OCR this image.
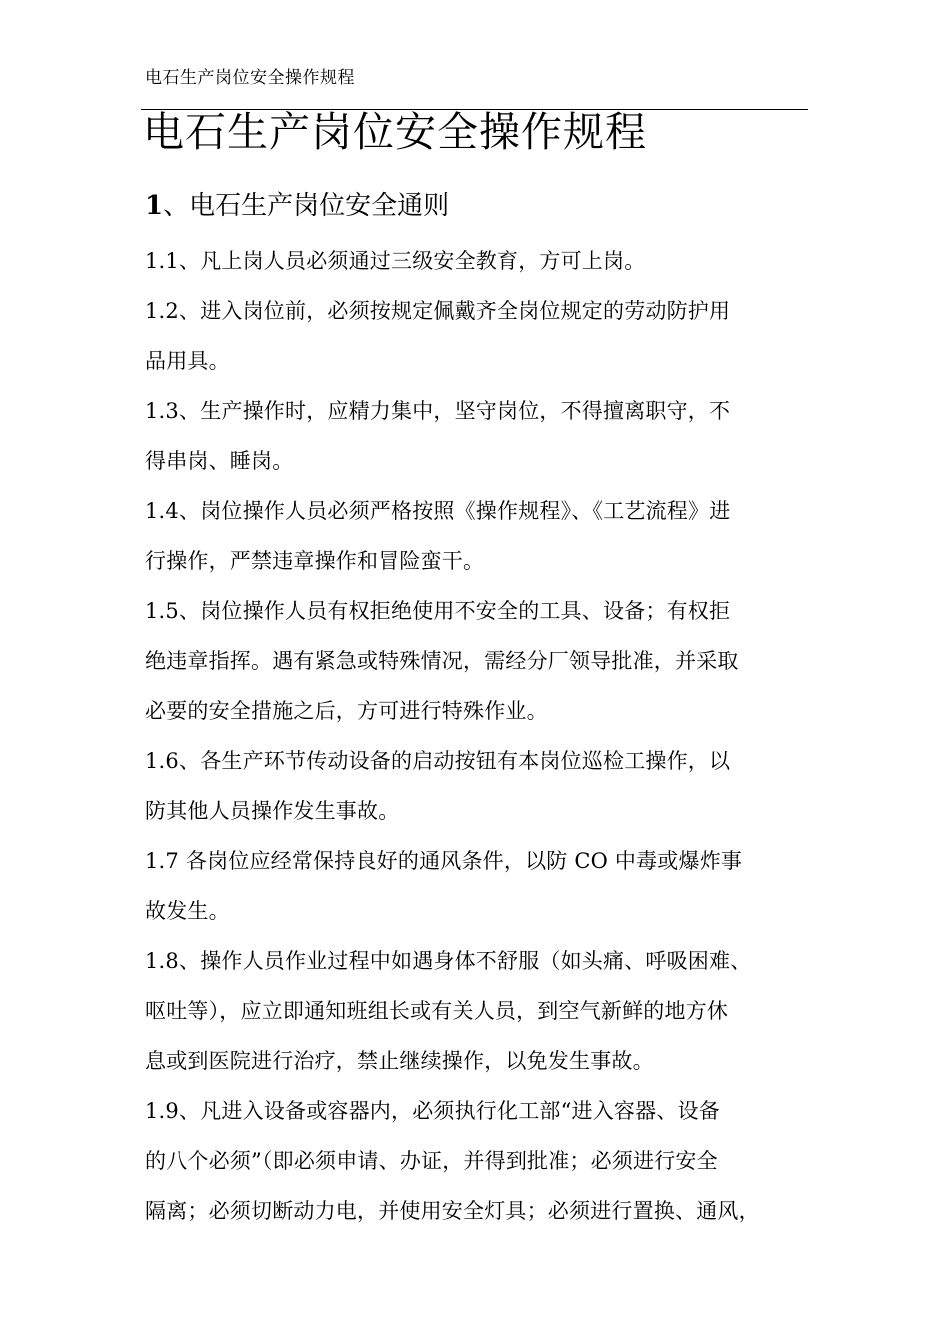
电石生产岗位安全操作规程
电石生产岗位安全操作规程
1、电石生产岗位安全通则

1.1、凡上岗人员必须通过三级安全教育，方可上岗。

1.2、进入岗位前，必须按规定佩戴齐全岗位规定的劳动防护用
品用具。

1.3、生产操作时，应精力集中，坚守岗位，不得擅离职守，不
得串岗、睡岗。

1.4、岗位操作人员必须严格按照《操作规程》、《工艺流程》进
行操作，严禁违章操作和冒险蛮干。

1.5、岗位操作人员有权拒绝使用不安全的工具、设备；有权拒
绝违章指挥。遇有紧急或特殊情况，需经分厂领导批准，并采取
必要的安全措施之后，方可进行特殊作业。

1.6、各生产环节传动设备的启动按钮有本岗位巡检工操作，以
防其他人员操作发生事故。

1.7 各岗位应经常保持良好的通风条件，以防 CO 中毒或爆炸事
故发生。

1.8、操作人员作业过程中如遇身体不舒服（如头痛、呼吸困难、
呕吐等），应立即通知班组长或有关人员，到空气新鲜的地方休
息或到医院进行治疗，禁止继续操作，以免发生事故。

1.9、凡进入设备或容器内，必须执行化工部“进入容器、设备
的八个必须”（即必须申请、办证，并得到批准；必须进行安全
隔离；必须切断动力电，并使用安全灯具；必须进行置换、通风，
